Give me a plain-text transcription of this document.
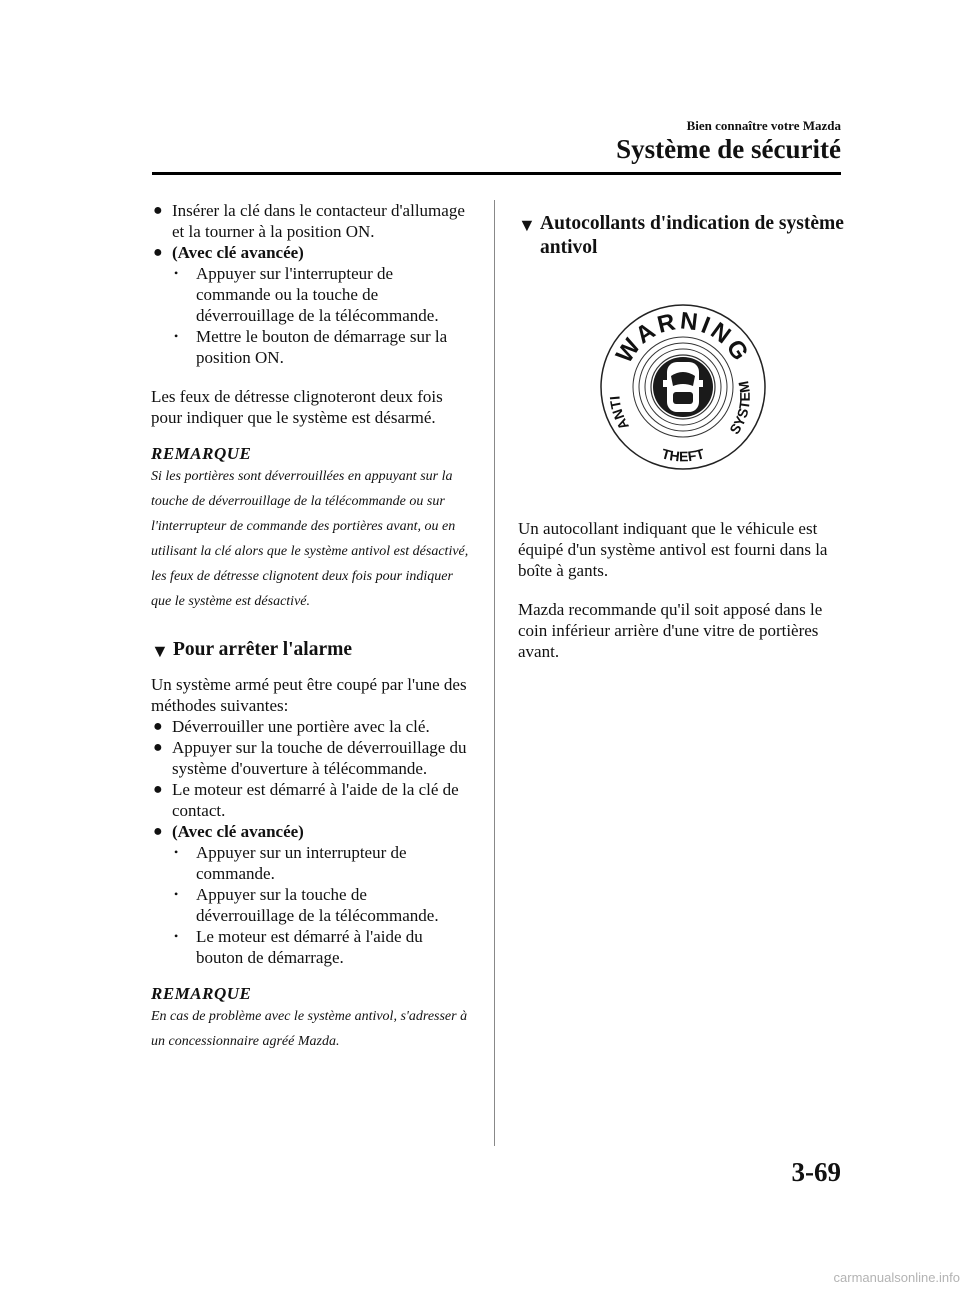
Bien connaître votre Mazda
Système de sécurité

● Insérer la clé dans le contacteur d'allumage et la tourner à la position ON.

● (Avec clé avancée)

• Appuyer sur l'interrupteur de commande ou la touche de déverrouillage de la télécommande.

• Mettre le bouton de démarrage sur la position ON.

Les feux de détresse clignoteront deux fois pour indiquer que le système est désarmé.

REMARQUE

Si les portières sont déverrouillées en appuyant sur la touche de déverrouillage de la télécommande ou sur l'interrupteur de commande des portières avant, ou en utilisant la clé alors que le système antivol est désactivé, les feux de détresse clignotent deux fois pour indiquer que le système est désactivé.

▼ Pour arrêter l'alarme

Un système armé peut être coupé par l'une des méthodes suivantes:

● Déverrouiller une portière avec la clé.

● Appuyer sur la touche de déverrouillage du système d'ouverture à télécommande.

● Le moteur est démarré à l'aide de la clé de contact.

● (Avec clé avancée)

• Appuyer sur un interrupteur de commande.

• Appuyer sur la touche de déverrouillage de la télécommande.

• Le moteur est démarré à l'aide du bouton de démarrage.

REMARQUE

En cas de problème avec le système antivol, s'adresser à un concessionnaire agréé Mazda.

▼ Autocollants d'indication de système antivol

WARNING
ANTI
THEFT
SYSTEM

Un autocollant indiquant que le véhicule est équipé d'un système antivol est fourni dans la boîte à gants.

Mazda recommande qu'il soit apposé dans le coin inférieur arrière d'une vitre de portières avant.

3-69
carmanualsonline.info
